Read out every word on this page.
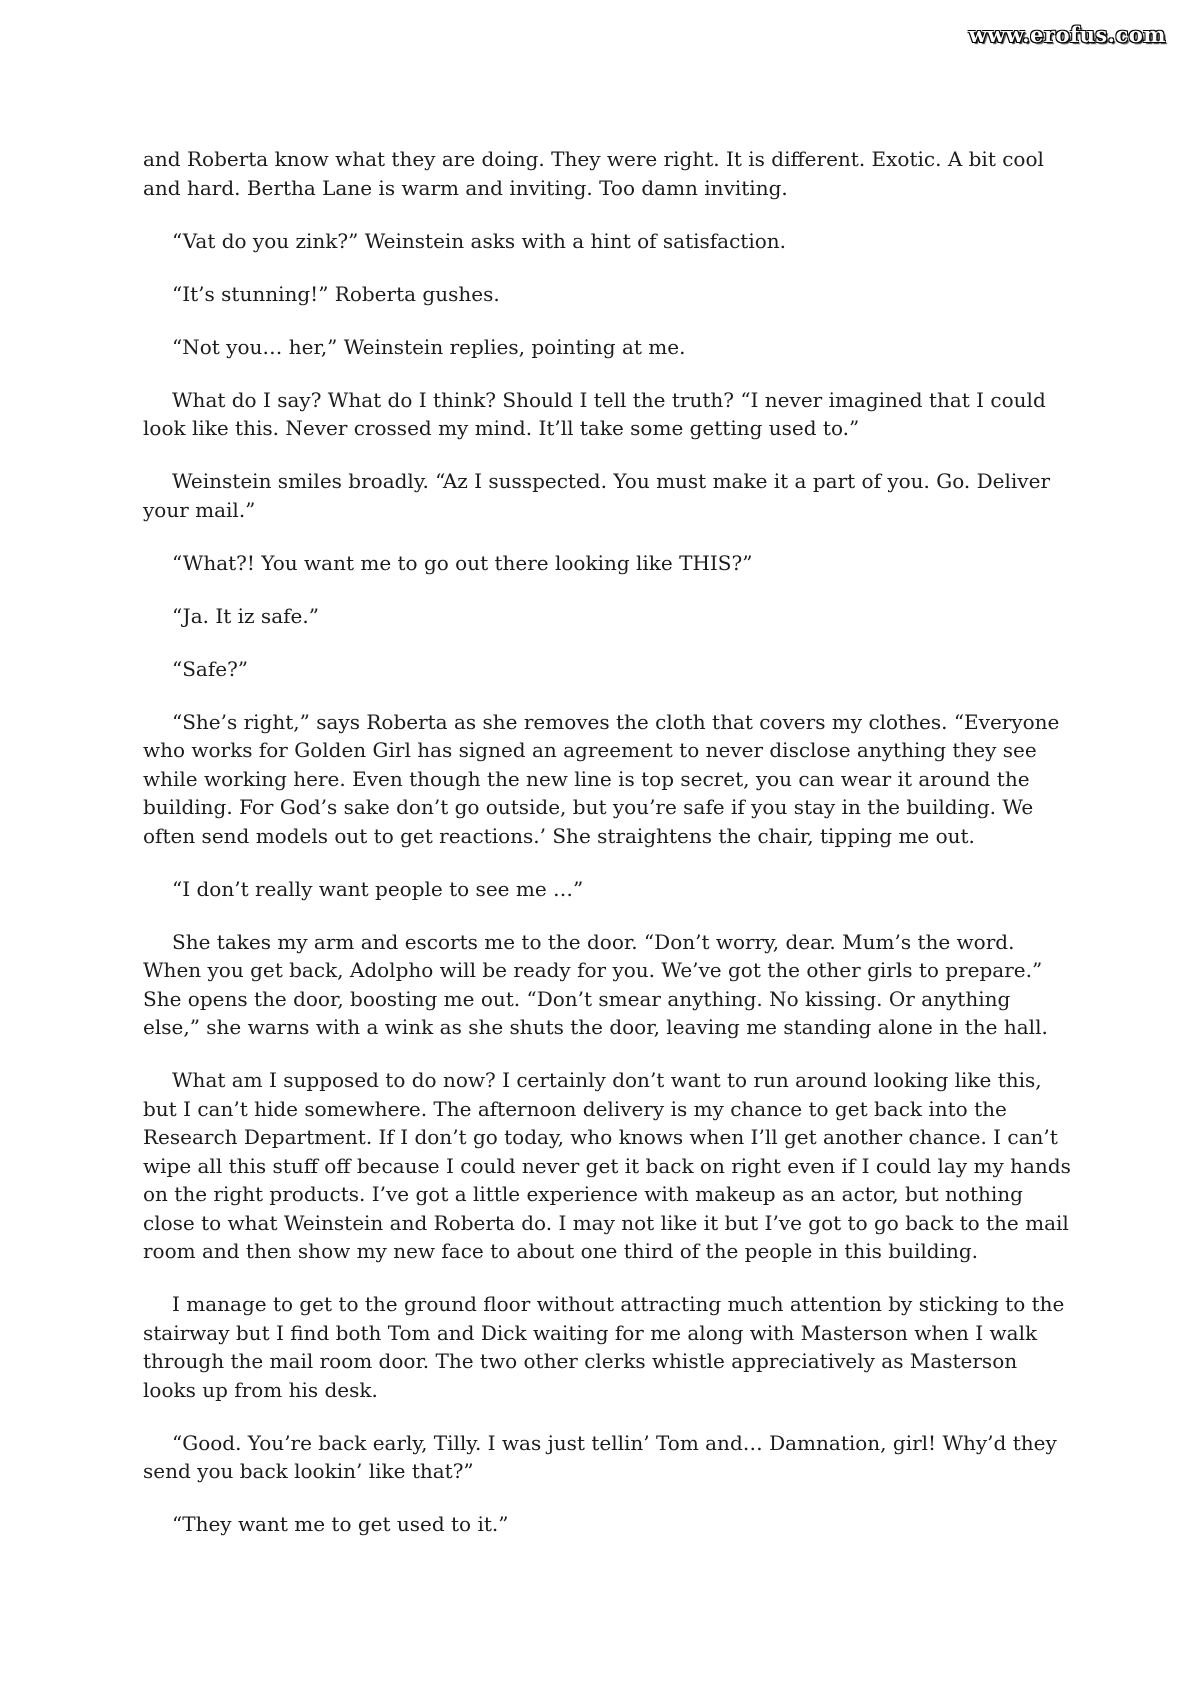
www.erofus.com

and Roberta know what they are doing. They were right. It is different. Exotic. A bit cool and hard. Bertha Lane is warm and inviting. Too damn inviting.

“Vat do you zink?” Weinstein asks with a hint of satisfaction.

“It’s stunning!” Roberta gushes.

“Not you… her,” Weinstein replies, pointing at me.

What do I say? What do I think? Should I tell the truth? “I never imagined that I could look like this. Never crossed my mind. It’ll take some getting used to.”

Weinstein smiles broadly. “Az I susspected. You must make it a part of you. Go. Deliver your mail.”

“What?! You want me to go out there looking like THIS?”

“Ja. It iz safe.”

“Safe?”

“She’s right,” says Roberta as she removes the cloth that covers my clothes. “Everyone who works for Golden Girl has signed an agreement to never disclose anything they see while working here. Even though the new line is top secret, you can wear it around the building. For God’s sake don’t go outside, but you’re safe if you stay in the building. We often send models out to get reactions.’ She straightens the chair, tipping me out.

“I don’t really want people to see me …”

She takes my arm and escorts me to the door. “Don’t worry, dear. Mum’s the word. When you get back, Adolpho will be ready for you. We’ve got the other girls to prepare.” She opens the door, boosting me out. “Don’t smear anything. No kissing. Or anything else,” she warns with a wink as she shuts the door, leaving me standing alone in the hall.

What am I supposed to do now? I certainly don’t want to run around looking like this, but I can’t hide somewhere. The afternoon delivery is my chance to get back into the Research Department. If I don’t go today, who knows when I’ll get another chance. I can’t wipe all this stuff off because I could never get it back on right even if I could lay my hands on the right products. I’ve got a little experience with makeup as an actor, but nothing close to what Weinstein and Roberta do. I may not like it but I’ve got to go back to the mail room and then show my new face to about one third of the people in this building.

I manage to get to the ground floor without attracting much attention by sticking to the stairway but I find both Tom and Dick waiting for me along with Masterson when I walk through the mail room door. The two other clerks whistle appreciatively as Masterson looks up from his desk.

“Good. You’re back early, Tilly. I was just tellin’ Tom and… Damnation, girl! Why’d they send you back lookin’ like that?”

“They want me to get used to it.”
